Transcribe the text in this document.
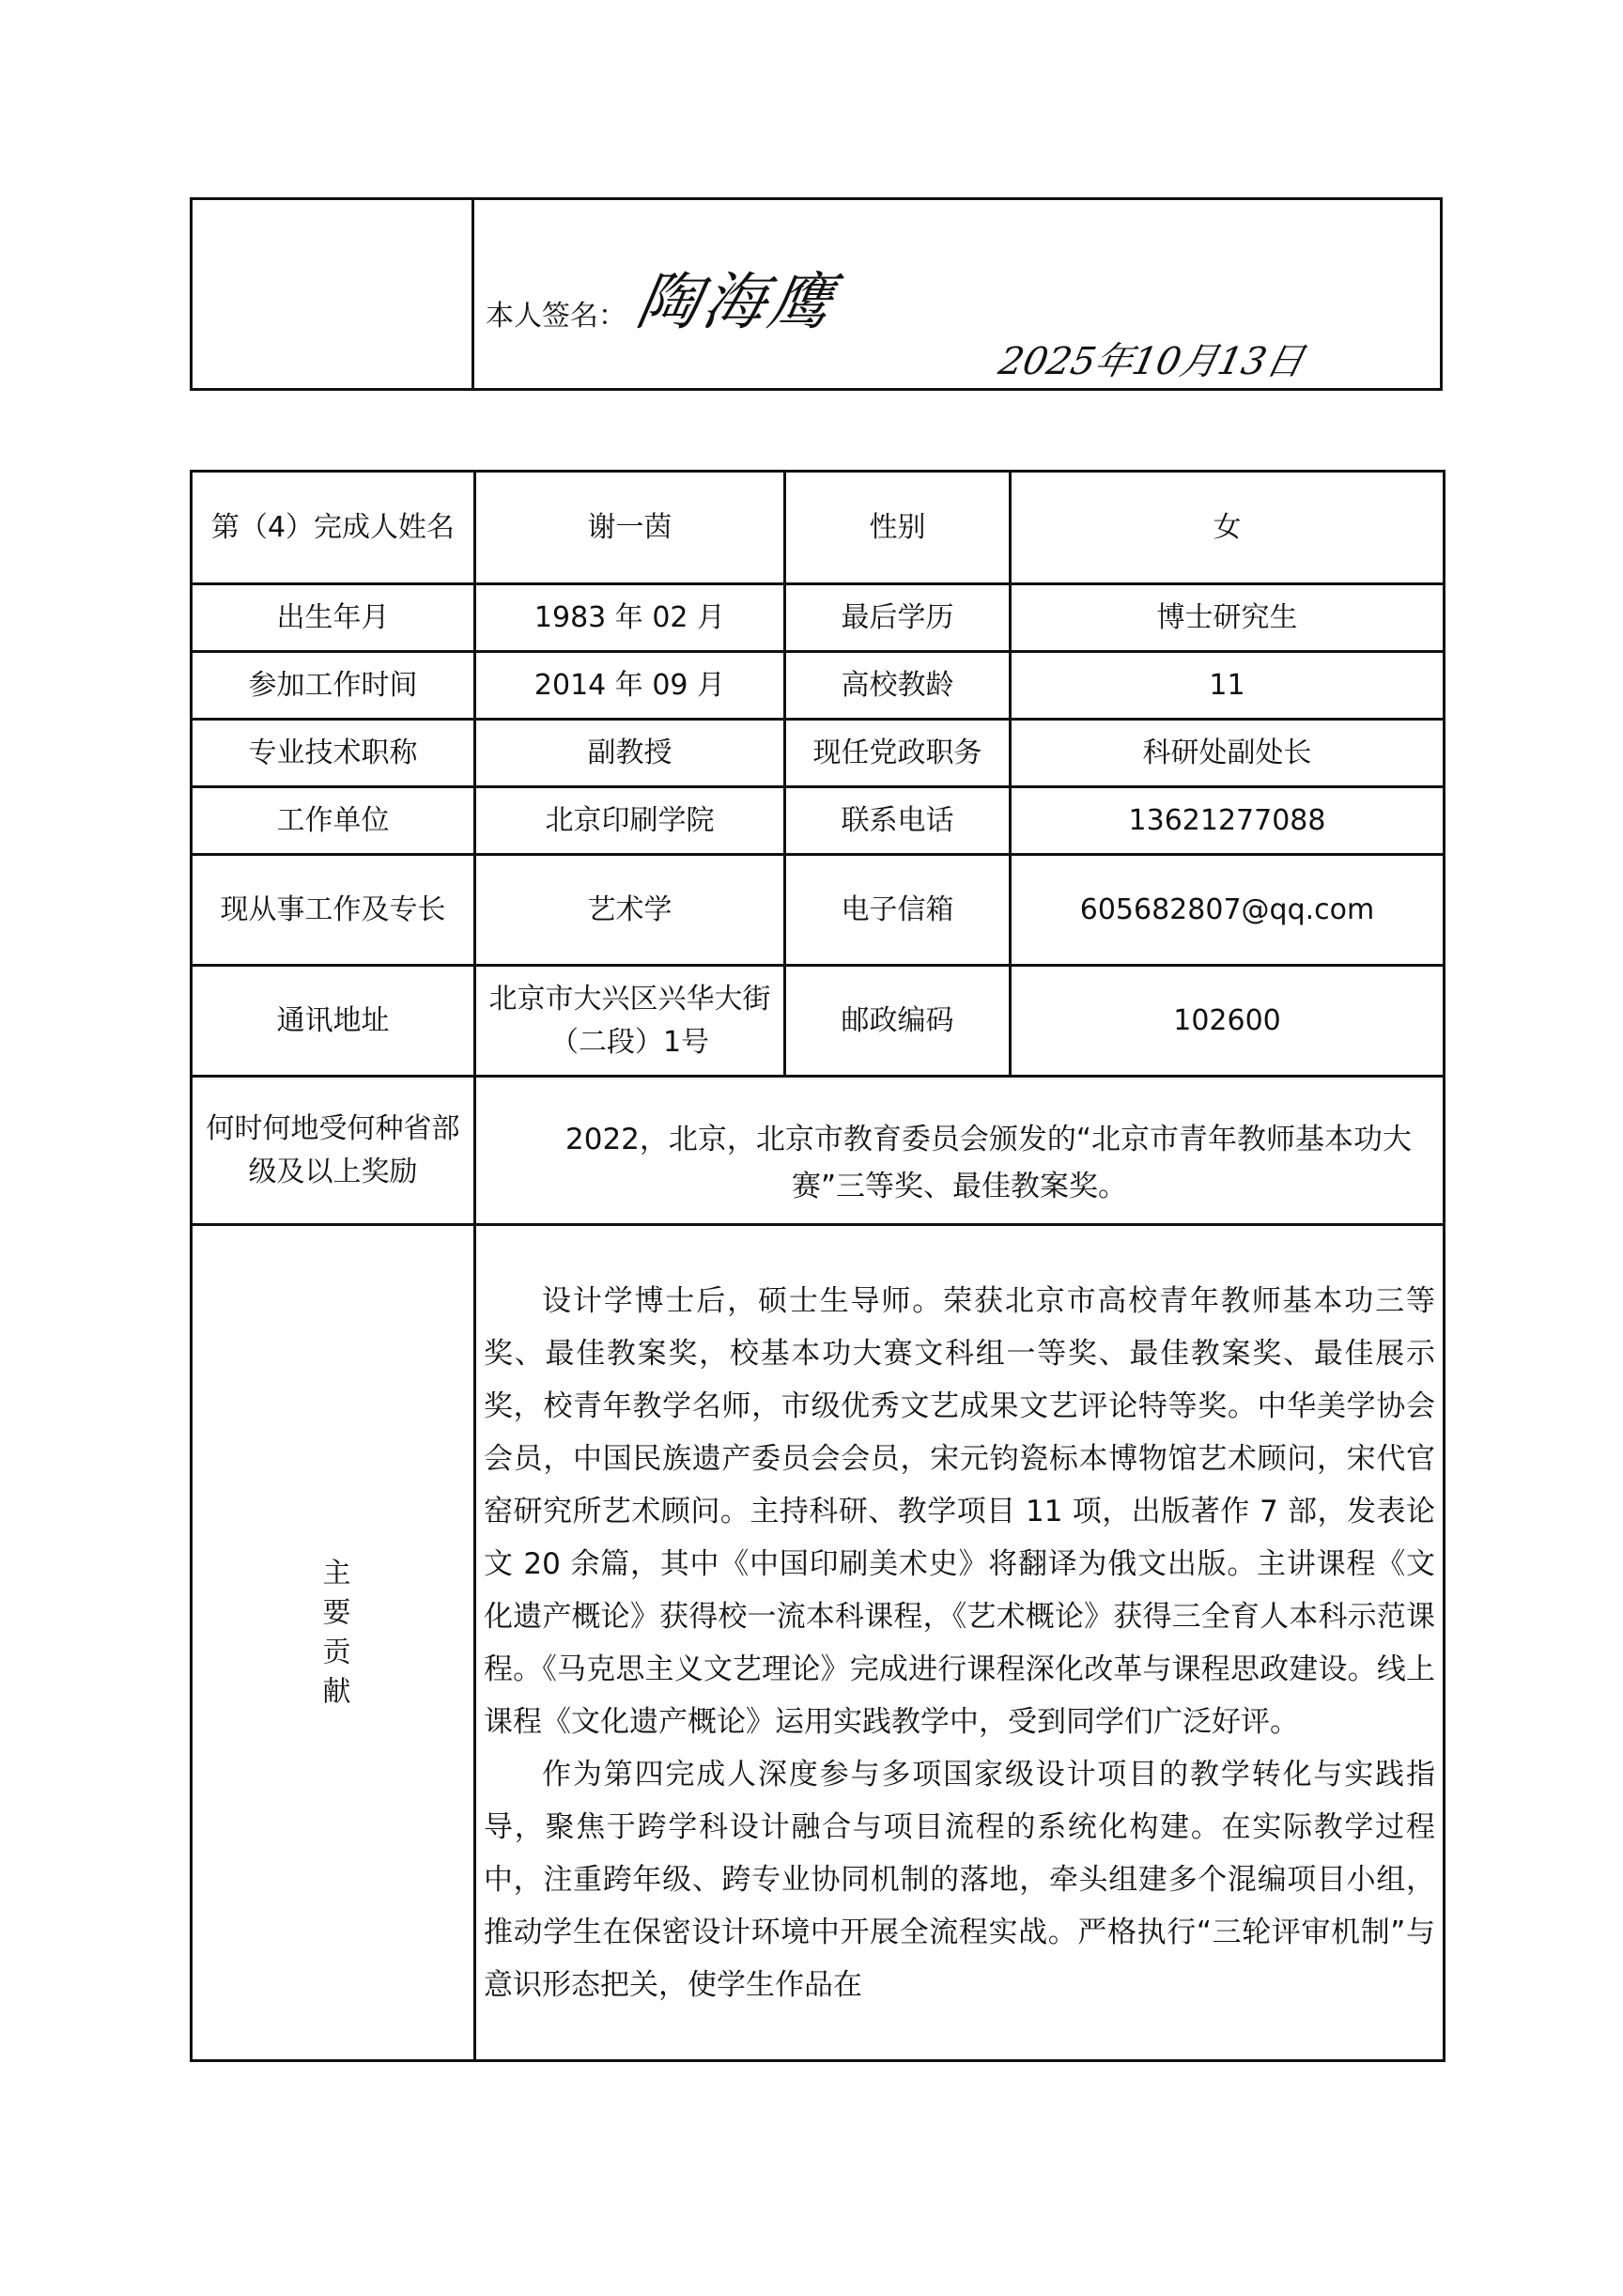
本人签名： 陶海鹰
2025年10月13日
第（4）完成人姓名	谢一茵	性别	女
出生年月	1983 年 02 月	最后学历	博士研究生
参加工作时间	2014 年 09 月	高校教龄	11
专业技术职称	副教授	现任党政职务	科研处副处长
工作单位	北京印刷学院	联系电话	13621277088
现从事工作及专长	艺术学	电子信箱	605682807@qq.com
通讯地址	北京市大兴区兴华大街（二段）1号	邮政编码	102600
何时何地受何种省部级及以上奖励	2022，北京，北京市教育委员会颁发的“北京市青年教师基本功大赛”三等奖、最佳教案奖。		

主要贡献	设计学博士后，硕士生导师。荣获北京市高校青年教师基本功三等奖、最佳教案奖，校基本功大赛文科组一等奖、最佳教案奖、最佳展示奖，校青年教学名师，市级优秀文艺成果文艺评论特等奖。中华美学协会会员，中国民族遗产委员会会员，宋元钧瓷标本博物馆艺术顾问，宋代官窑研究所艺术顾问。主持科研、教学项目 11 项，出版著作 7 部，发表论文 20 余篇，其中《中国印刷美术史》将翻译为俄文出版。主讲课程《文化遗产概论》获得校一流本科课程，《艺术概论》获得三全育人本科示范课程。《马克思主义文艺理论》完成进行课程深化改革与课程思政建设。线上课程《文化遗产概论》运用实践教学中，受到同学们广泛好评。

作为第四完成人深度参与多项国家级设计项目的教学转化与实践指导，聚焦于跨学科设计融合与项目流程的系统化构建。在实际教学过程中，注重跨年级、跨专业协同机制的落地，牵头组建多个混编项目小组，推动学生在保密设计环境中开展全流程实战。严格执行“三轮评审机制”与意识形态把关，使学生作品在		
